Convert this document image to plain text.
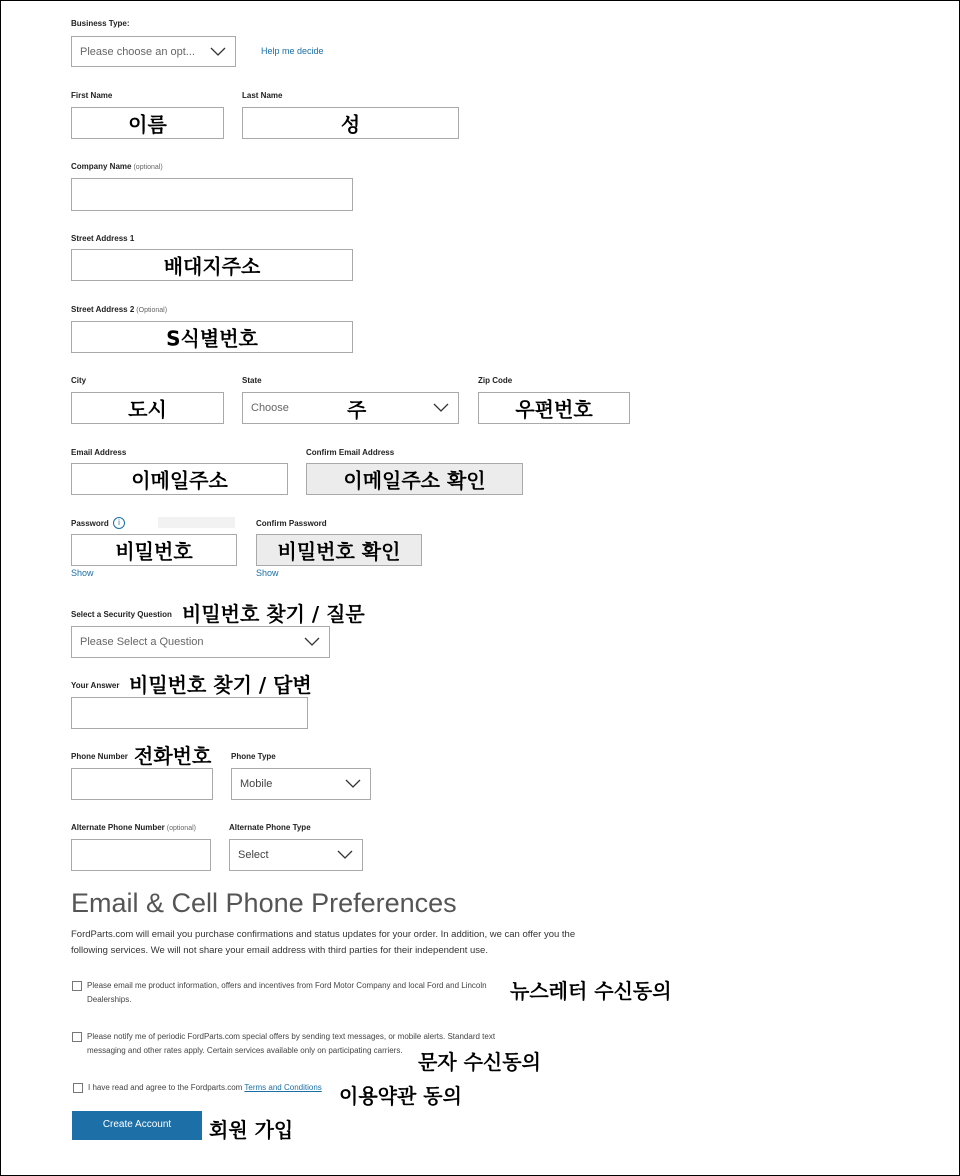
Business Type:
Please choose an opt...	Help me decide
First Name
이름
Last Name
성
Company Name (optional)
Street Address 1
배대지주소
Street Address 2 (Optional)
S식별번호
City
도시
State
Choose	주
Zip Code
우편번호
Email Address
이메일주소
Confirm Email Address
이메일주소 확인
Password	i
비밀번호
Show
Confirm Password
비밀번호 확인
Show
Select a Security Question 비밀번호 찾기 / 질문
Please Select a Question
Your Answer 비밀번호 찾기 / 답변
Phone Number 전화번호 Phone Type
Mobile
Alternate Phone Number (optional)	Alternate Phone Type
Select
Email & Cell Phone Preferences
FordParts.com will email you purchase confirmations and status updates for your order. In addition, we can offer you the following services. We will not share your email address with third parties for their independent use.
Please email me product information, offers and incentives from Ford Motor Company and local Ford and Lincoln Dealerships.	뉴스레터 수신동의
Please notify me of periodic FordParts.com special offers by sending text messages, or mobile alerts. Standard text messaging and other rates apply. Certain services available only on participating carriers. 문자 수신동의
I have read and agree to the Fordparts.com Terms and Conditions 이용약관 동의
Create Account	회원 가입
